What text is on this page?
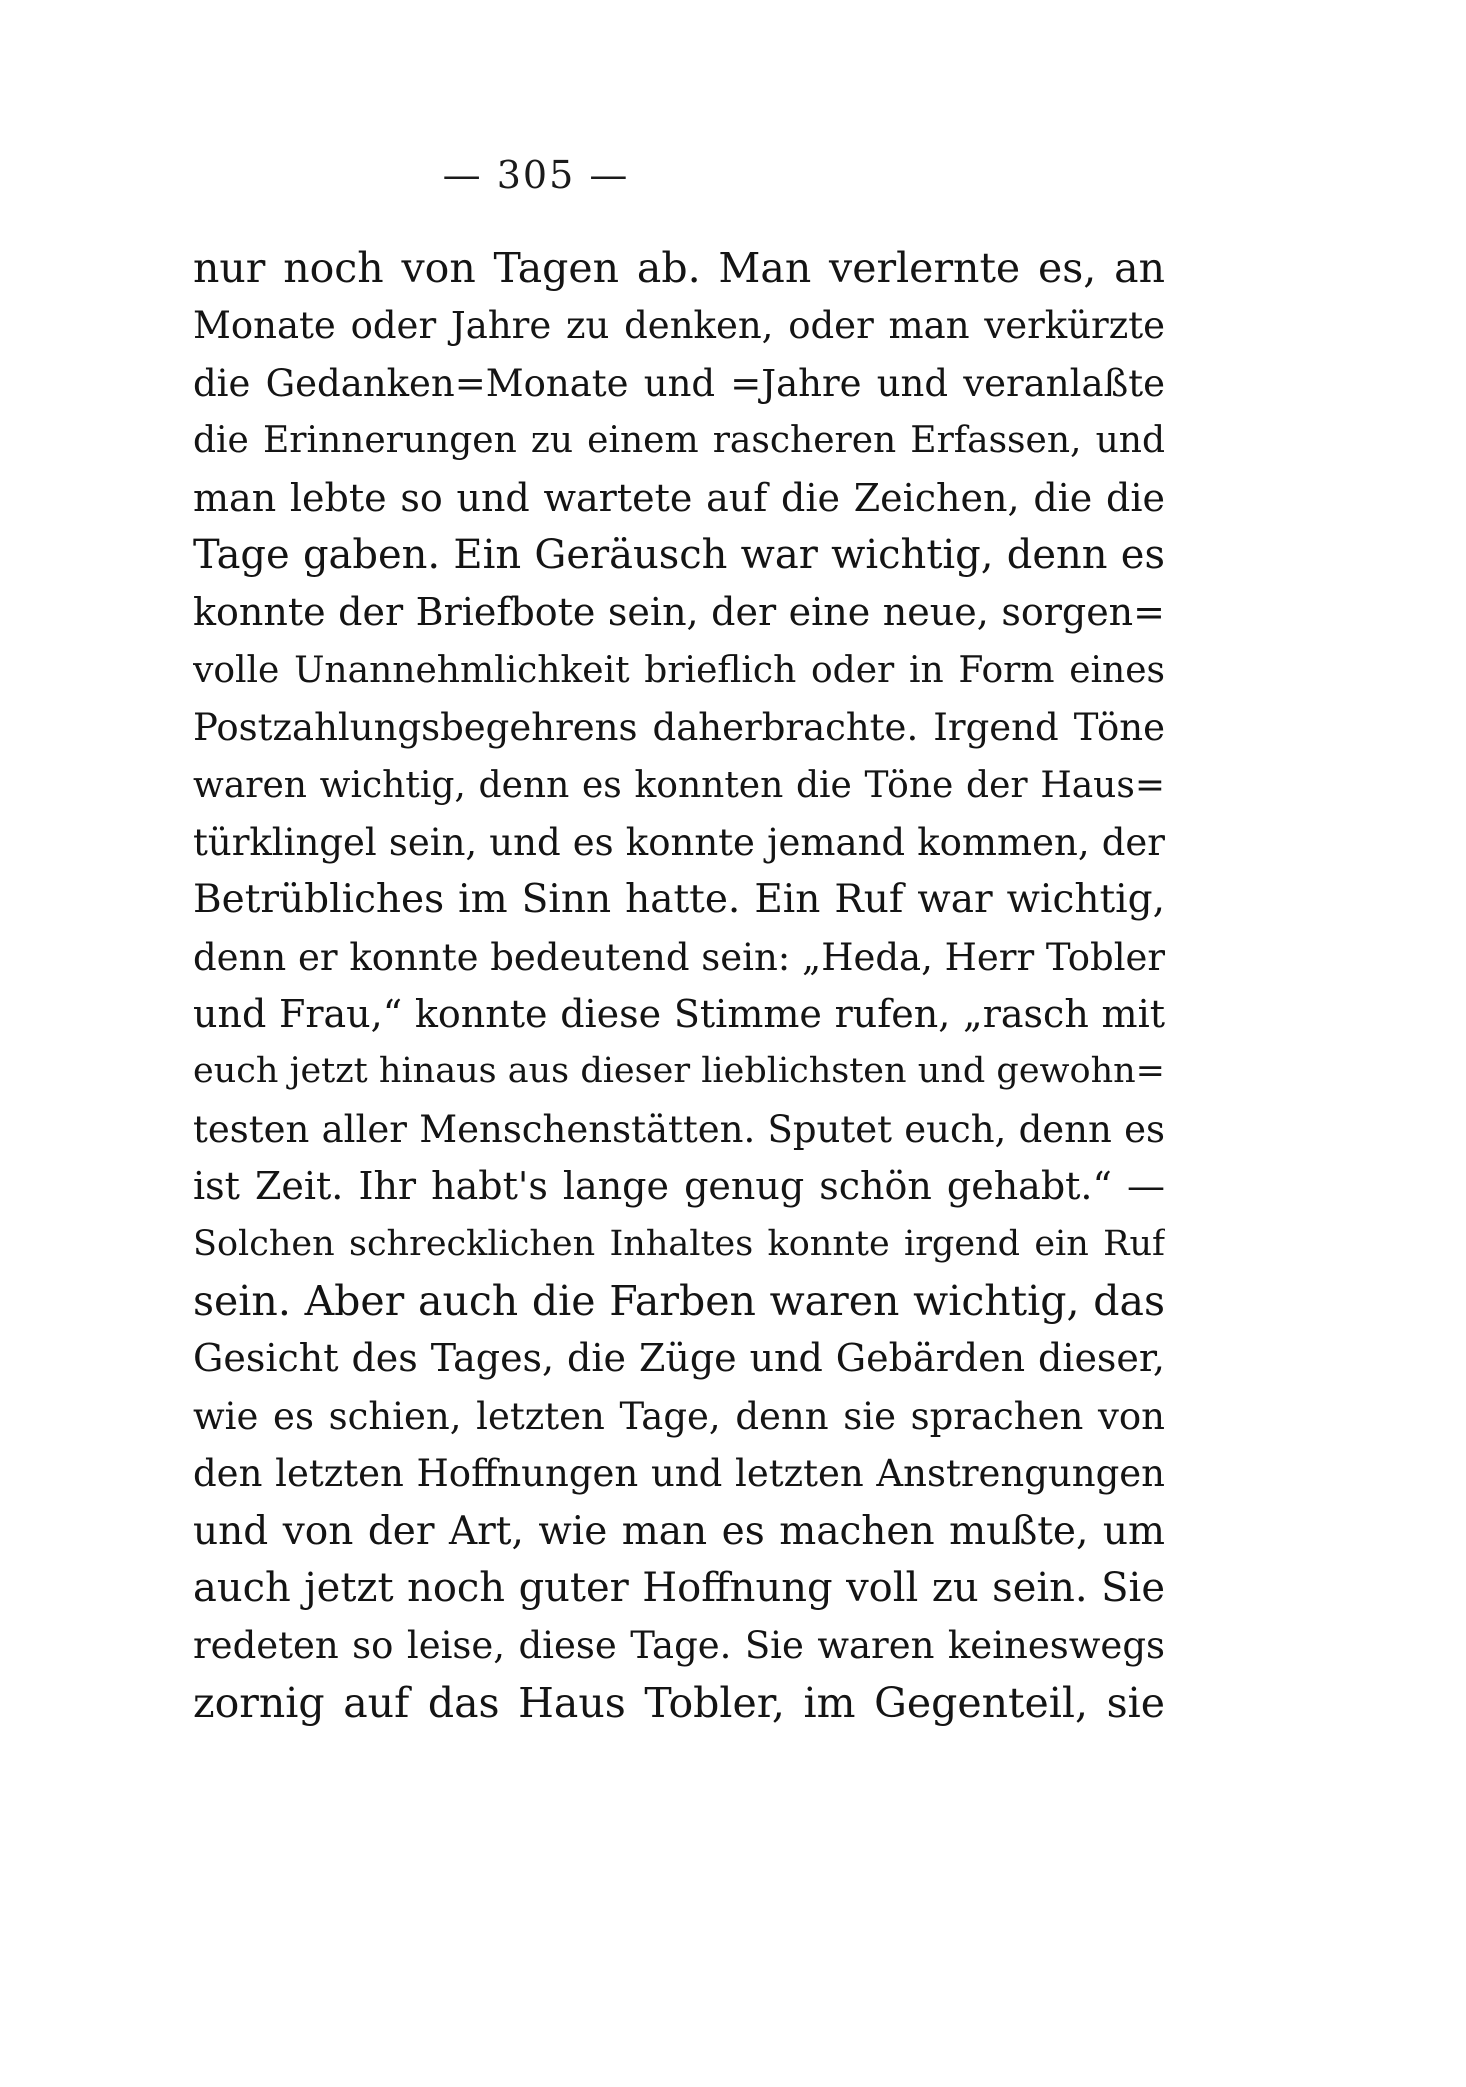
— 305 —
nur noch von Tagen ab. Man verlernte es, an
Monate oder Jahre zu denken, oder man verkürzte
die Gedanken=Monate und =Jahre und veranlaßte
die Erinnerungen zu einem rascheren Erfassen, und
man lebte so und wartete auf die Zeichen, die die
Tage gaben. Ein Geräusch war wichtig, denn es
konnte der Briefbote sein, der eine neue, sorgen=
volle Unannehmlichkeit brieflich oder in Form eines
Postzahlungsbegehrens daherbrachte. Irgend Töne
waren wichtig, denn es konnten die Töne der Haus=
türklingel sein, und es konnte jemand kommen, der
Betrübliches im Sinn hatte. Ein Ruf war wichtig,
denn er konnte bedeutend sein: „Heda, Herr Tobler
und Frau,“ konnte diese Stimme rufen, „rasch mit
euch jetzt hinaus aus dieser lieblichsten und gewohn=
testen aller Menschenstätten. Sputet euch, denn es
ist Zeit. Ihr habt's lange genug schön gehabt.“ —
Solchen schrecklichen Inhaltes konnte irgend ein Ruf
sein. Aber auch die Farben waren wichtig, das
Gesicht des Tages, die Züge und Gebärden dieser,
wie es schien, letzten Tage, denn sie sprachen von
den letzten Hoffnungen und letzten Anstrengungen
und von der Art, wie man es machen mußte, um
auch jetzt noch guter Hoffnung voll zu sein. Sie
redeten so leise, diese Tage. Sie waren keineswegs
zornig auf das Haus Tobler, im Gegenteil, sie
